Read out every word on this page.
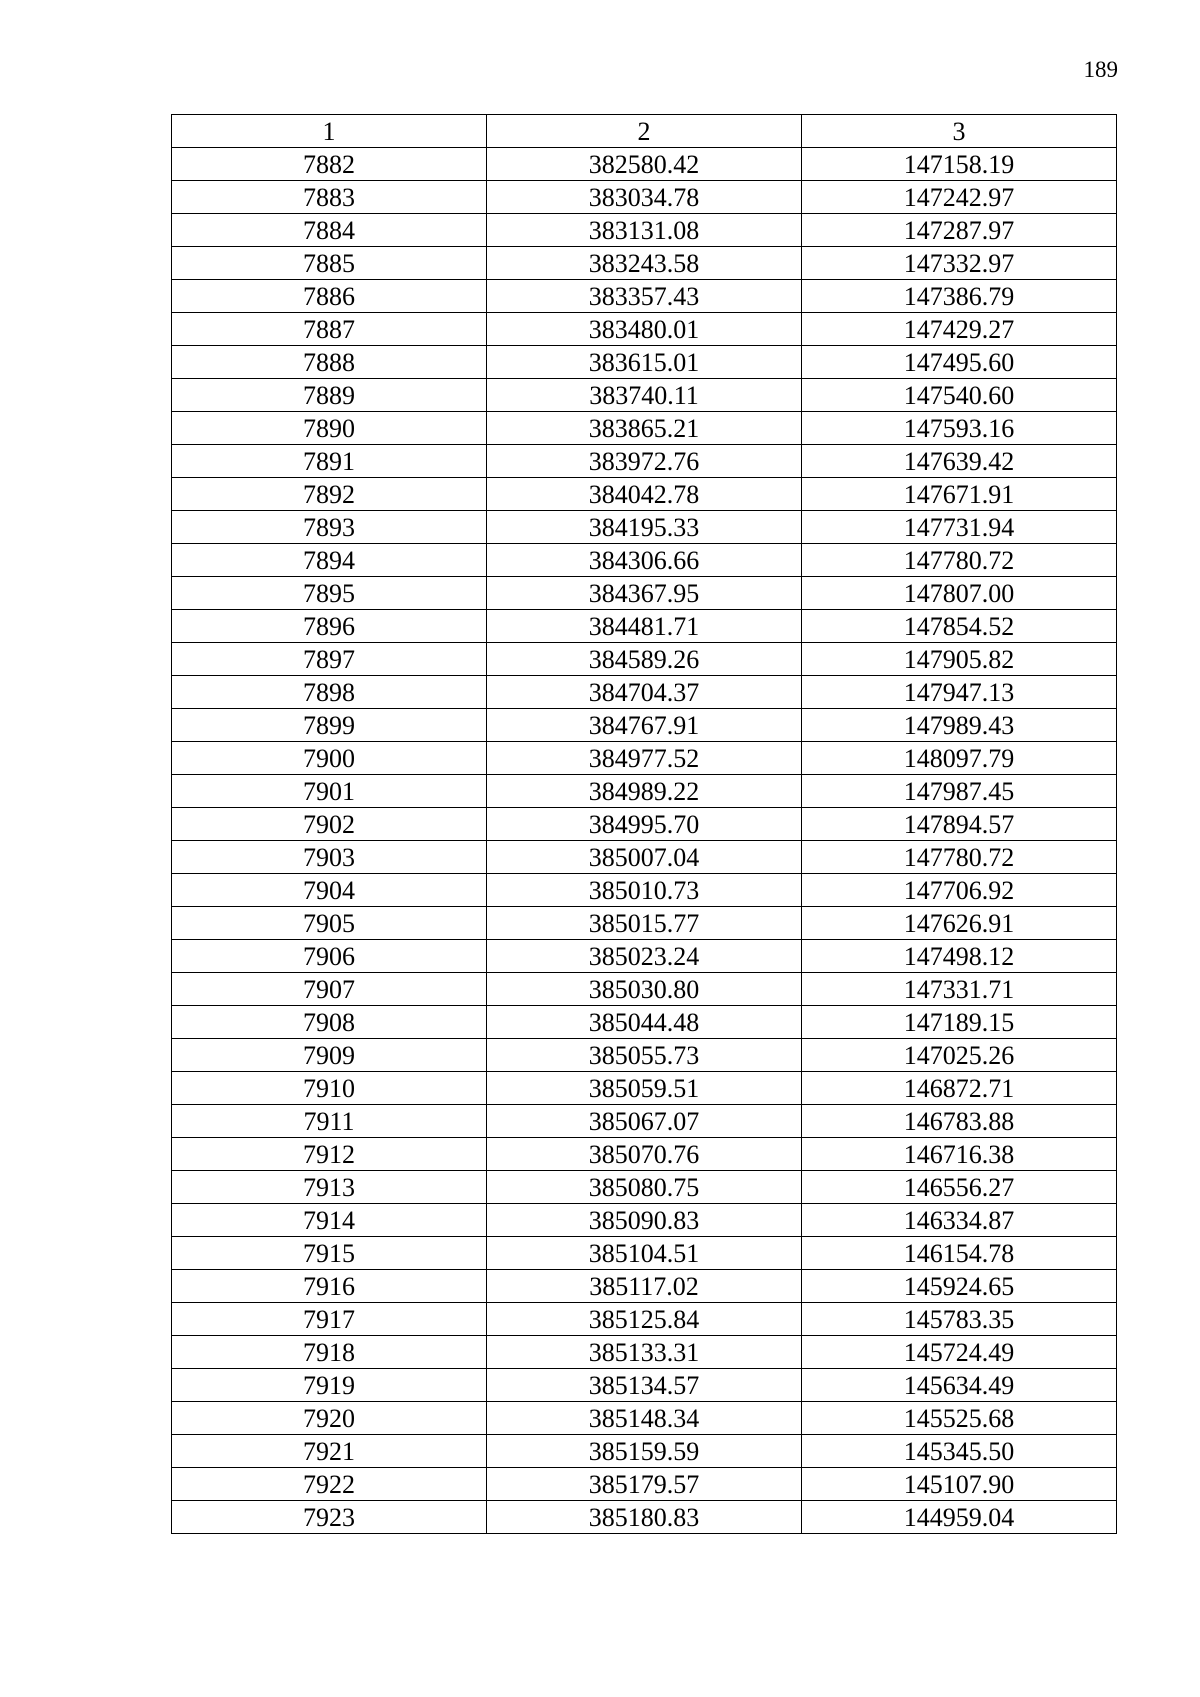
189
1	2	3
7882	382580.42	147158.19
7883	383034.78	147242.97
7884	383131.08	147287.97
7885	383243.58	147332.97
7886	383357.43	147386.79
7887	383480.01	147429.27
7888	383615.01	147495.60
7889	383740.11	147540.60
7890	383865.21	147593.16
7891	383972.76	147639.42
7892	384042.78	147671.91
7893	384195.33	147731.94
7894	384306.66	147780.72
7895	384367.95	147807.00
7896	384481.71	147854.52
7897	384589.26	147905.82
7898	384704.37	147947.13
7899	384767.91	147989.43
7900	384977.52	148097.79
7901	384989.22	147987.45
7902	384995.70	147894.57
7903	385007.04	147780.72
7904	385010.73	147706.92
7905	385015.77	147626.91
7906	385023.24	147498.12
7907	385030.80	147331.71
7908	385044.48	147189.15
7909	385055.73	147025.26
7910	385059.51	146872.71
7911	385067.07	146783.88
7912	385070.76	146716.38
7913	385080.75	146556.27
7914	385090.83	146334.87
7915	385104.51	146154.78
7916	385117.02	145924.65
7917	385125.84	145783.35
7918	385133.31	145724.49
7919	385134.57	145634.49
7920	385148.34	145525.68
7921	385159.59	145345.50
7922	385179.57	145107.90
7923	385180.83	144959.04
